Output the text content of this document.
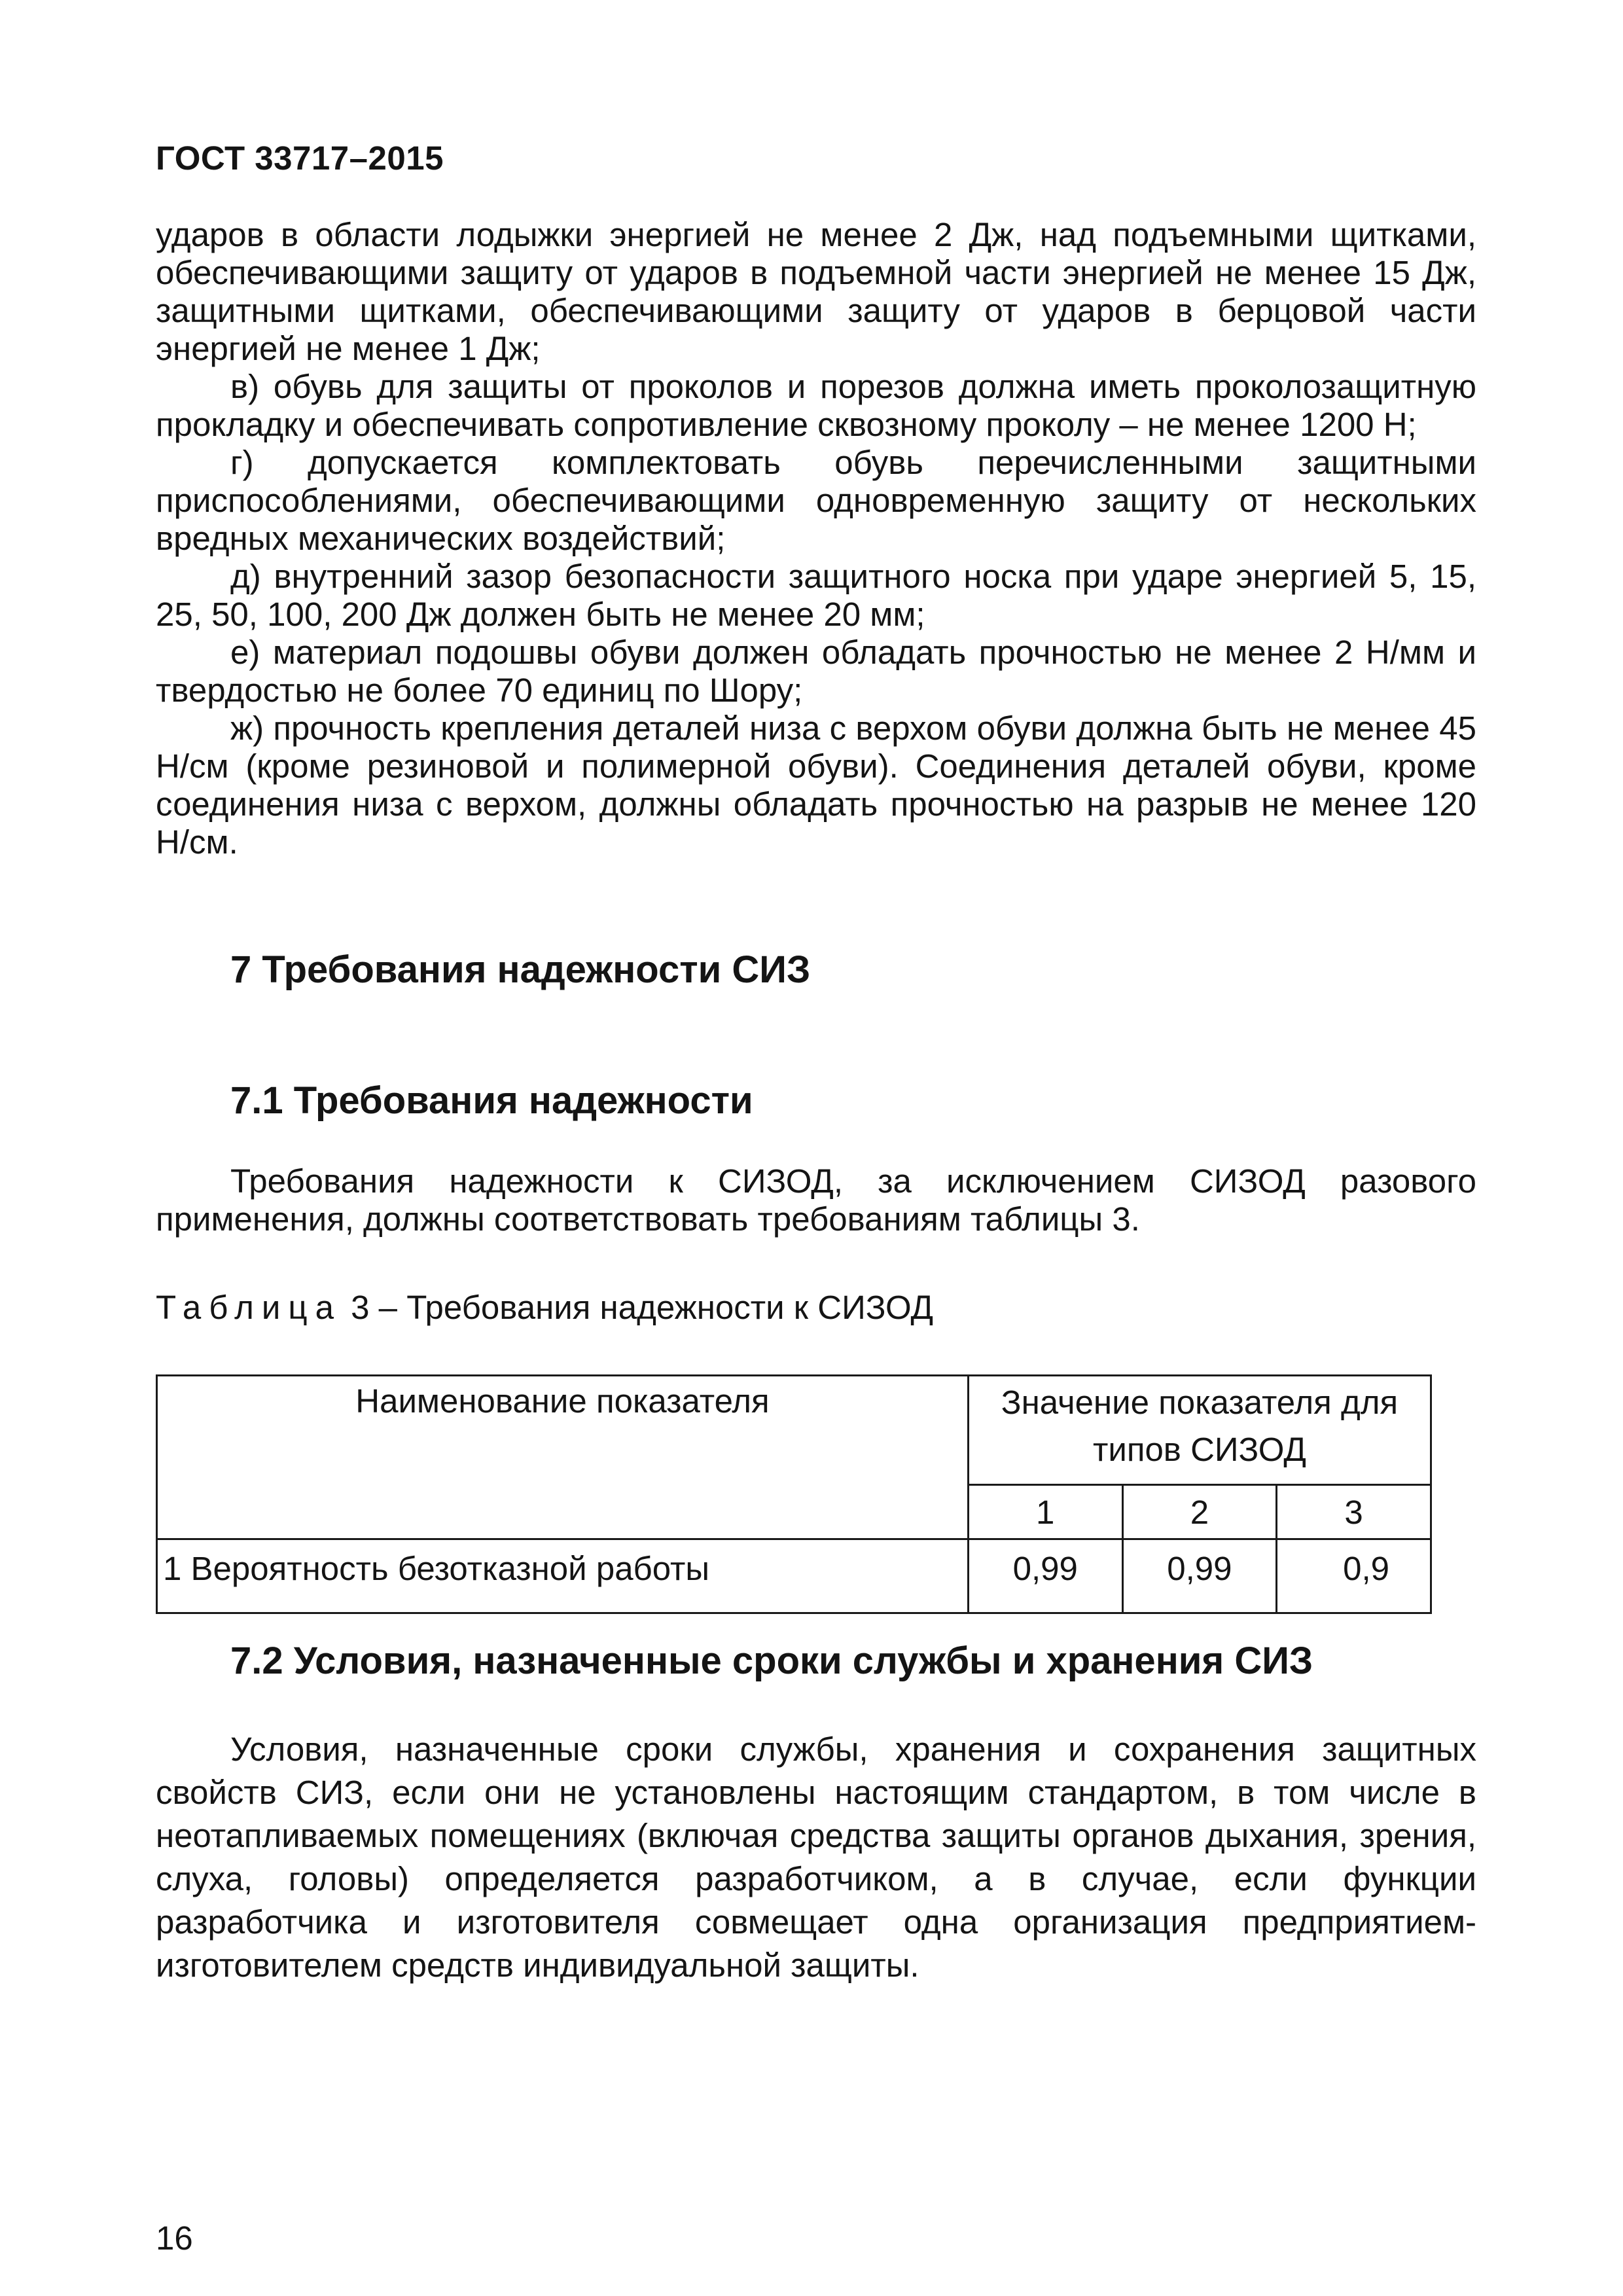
ГОСТ 33717–2015

ударов в области лодыжки энергией не менее 2 Дж, над подъемными щитками, обеспечивающими защиту от ударов в подъемной части энергией не менее 15 Дж, защитными щитками, обеспечивающими защиту от ударов в берцовой части энергией не менее 1 Дж;

в) обувь для защиты от проколов и порезов должна иметь проколозащитную прокладку и обеспечивать сопротивление сквозному проколу – не менее 1200 Н;

г) допускается комплектовать обувь перечисленными защитными приспособлениями, обеспечивающими одновременную защиту от нескольких вредных механических воздействий;

д) внутренний зазор безопасности защитного носка при ударе энергией 5, 15, 25, 50, 100, 200 Дж должен быть не менее 20 мм;

е) материал подошвы обуви должен обладать прочностью не менее 2 Н/мм и твердостью не более 70 единиц по Шору;

ж) прочность крепления деталей низа с верхом обуви должна быть не менее 45 Н/см (кроме резиновой и полимерной обуви). Соединения деталей обуви, кроме соединения низа с верхом, должны обладать прочностью на разрыв не менее 120 Н/см.

7 Требования надежности СИЗ
7.1 Требования надежности

Требования надежности к СИЗОД, за исключением СИЗОД разового применения, должны соответствовать требованиям таблицы 3.

Таблица 3 – Требования надежности к СИЗОД
Наименование показателя	Значение показателя для типов СИЗОД		
	1	2	3
1 Вероятность безотказной работы	0,99	0,99	0,9
7.2 Условия, назначенные сроки службы и хранения СИЗ

Условия, назначенные сроки службы, хранения и сохранения защитных свойств СИЗ, если они не установлены настоящим стандартом, в том числе в неотапливаемых помещениях (включая средства защиты органов дыхания, зрения, слуха, головы) определяется разработчиком, а в случае, если функции разработчика и изготовителя совмещает одна организация предприятием-изготовителем средств индивидуальной защиты.

16
